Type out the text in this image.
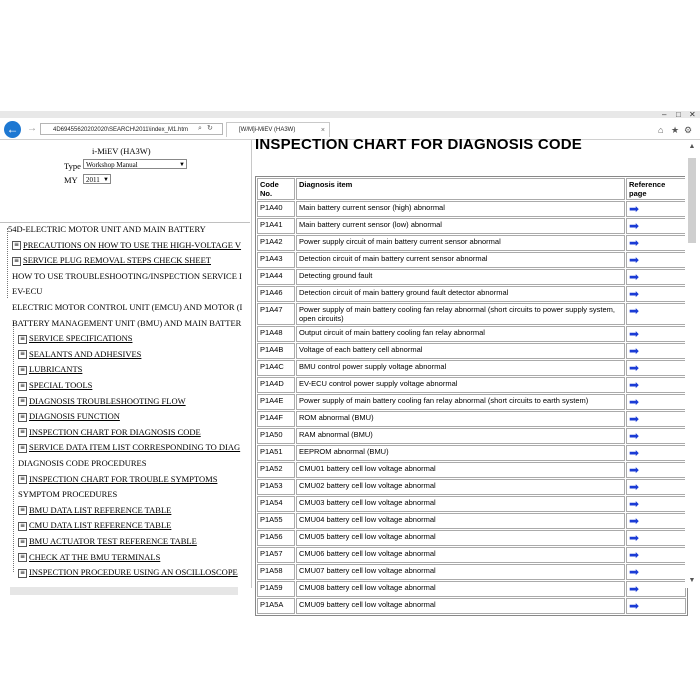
– □ ✕
← →	4D69455620202020\SEARCH\2011\index_M1.htm	⌕ ↻	[W/M]i-MiEV (HA3W)	×	⌂ ★ ⚙
i-MiEV (HA3W)
Type Workshop Manual	▼
MY	2011 ▼
54D-ELECTRIC MOTOR UNIT AND MAIN BATTERY
≡ PRECAUTIONS ON HOW TO USE THE HIGH-VOLTAGE V
≡ SERVICE PLUG REMOVAL STEPS CHECK SHEET
HOW TO USE TROUBLESHOOTING/INSPECTION SERVICE I
EV-ECU
ELECTRIC MOTOR CONTROL UNIT (EMCU) AND MOTOR (I
BATTERY MANAGEMENT UNIT (BMU) AND MAIN BATTER
≡ SERVICE SPECIFICATIONS
≡ SEALANTS AND ADHESIVES
≡ LUBRICANTS
≡ SPECIAL TOOLS
≡ DIAGNOSIS TROUBLESHOOTING FLOW
≡ DIAGNOSIS FUNCTION
≡ INSPECTION CHART FOR DIAGNOSIS CODE
≡ SERVICE DATA ITEM LIST CORRESPONDING TO DIAG
DIAGNOSIS CODE PROCEDURES
≡ INSPECTION CHART FOR TROUBLE SYMPTOMS
SYMPTOM PROCEDURES
≡ BMU DATA LIST REFERENCE TABLE
≡ CMU DATA LIST REFERENCE TABLE
≡ BMU ACTUATOR TEST REFERENCE TABLE
≡ CHECK AT THE BMU TERMINALS
≡ INSPECTION PROCEDURE USING AN OSCILLOSCOPE
INSPECTION CHART FOR DIAGNOSIS CODE
Code No.	Diagnosis item	Reference page
P1A40	Main battery current sensor (high) abnormal	➡
P1A41	Main battery current sensor (low) abnormal	➡
P1A42	Power supply circuit of main battery current sensor abnormal	➡
P1A43	Detection circuit of main battery current sensor abnormal	➡
P1A44	Detecting ground fault	➡
P1A46	Detection circuit of main battery ground fault detector abnormal	➡
P1A47	Power supply of main battery cooling fan relay abnormal (short circuits to power supply system, open circuits)	➡
P1A48	Output circuit of main battery cooling fan relay abnormal	➡
P1A4B	Voltage of each battery cell abnormal	➡
P1A4C	BMU control power supply voltage abnormal	➡
P1A4D	EV-ECU control power supply voltage abnormal	➡
P1A4E	Power supply of main battery cooling fan relay abnormal (short circuits to earth system)	➡
P1A4F	ROM abnormal (BMU)	➡
P1A50	RAM abnormal (BMU)	➡
P1A51	EEPROM abnormal (BMU)	➡
P1A52	CMU01 battery cell low voltage abnormal	➡
P1A53	CMU02 battery cell low voltage abnormal	➡
P1A54	CMU03 battery cell low voltage abnormal	➡
P1A55	CMU04 battery cell low voltage abnormal	➡
P1A56	CMU05 battery cell low voltage abnormal	➡
P1A57	CMU06 battery cell low voltage abnormal	➡
P1A58	CMU07 battery cell low voltage abnormal	➡
P1A59	CMU08 battery cell low voltage abnormal	➡
P1A5A	CMU09 battery cell low voltage abnormal	➡
▲
▼
